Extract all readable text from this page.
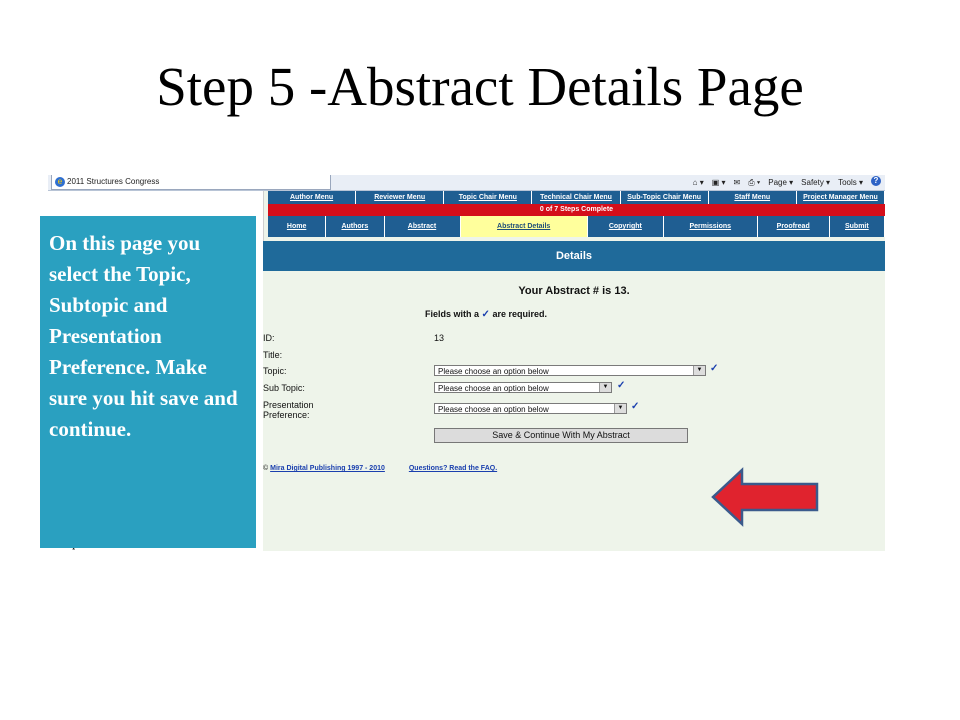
Step 5 -Abstract Details Page
e 2011 Structures Congress	⌂ ▾ ▣ ▾ ✉ ⎙ ▾ Page ▾ Safety ▾ Tools ▾	?
Author Menu	Reviewer Menu	Topic Chair Menu	Technical Chair Menu	Sub-Topic Chair Menu	Staff Menu	Project Manager Menu
0 of 7 Steps Complete
Home	Authors	Abstract	Abstract Details	Copyright	Permissions	Proofread	Submit
Details
Your Abstract # is 13.
Fields with a ✓ are required.
ID:	13
Title:
Topic:	Please choose an option below	▼ ✓
Sub Topic:	Please choose an option below	▼ ✓
Presentation
Preference:
Please choose an option below	▼ ✓
Save & Continue With My Abstract
© Mira Digital Publishing 1997 - 2010	Questions? Read the FAQ.

On this page you select the Topic, Subtopic and Presentation Preference. Make sure you hit save and continue.
